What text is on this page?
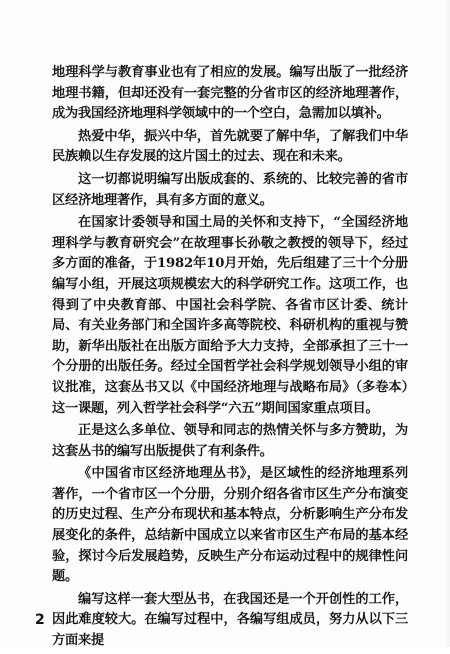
地理科学与教育事业也有了相应的发展。编写出版了一批经济地理书籍，但却还没有一套完整的分省市区的经济地理著作，成为我国经济地理科学领域中的一个空白，急需加以填补。

热爱中华，振兴中华，首先就要了解中华，了解我们中华民族赖以生存发展的这片国土的过去、现在和未来。

这一切都说明编写出版成套的、系统的、比较完善的省市区经济地理著作，具有多方面的意义。

在国家计委领导和国土局的关怀和支持下，“全国经济地理科学与教育研究会”在故理事长孙敬之教授的领导下，经过多方面的准备，于1982年10月开始，先后组建了三十个分册编写小组，开展这项规模宏大的科学研究工作。这项工作，也得到了中央教育部、中国社会科学院、各省市区计委、统计局、有关业务部门和全国许多高等院校、科研机构的重视与赞助，新华出版社在出版方面给予大力支持，全部承担了三十一个分册的出版任务。经过全国哲学社会科学规划领导小组的审议批准，这套丛书又以《中国经济地理与战略布局》（多卷本）这一课题，列入哲学社会科学“六五”期间国家重点项目。

正是这么多单位、领导和同志的热情关怀与多方赞助，为这套丛书的编写出版提供了有利条件。

《中国省市区经济地理丛书》，是区域性的经济地理系列著作，一个省市区一个分册，分别介绍各省市区生产分布演变的历史过程、生产分布现状和基本特点，分析影响生产分布发展变化的条件，总结新中国成立以来省市区生产布局的基本经验，探讨今后发展趋势，反映生产分布运动过程中的规律性问题。

编写这样一套大型丛书，在我国还是一个开创性的工作，因此难度较大。在编写过程中，各编写组成员，努力从以下三方面来提

2
